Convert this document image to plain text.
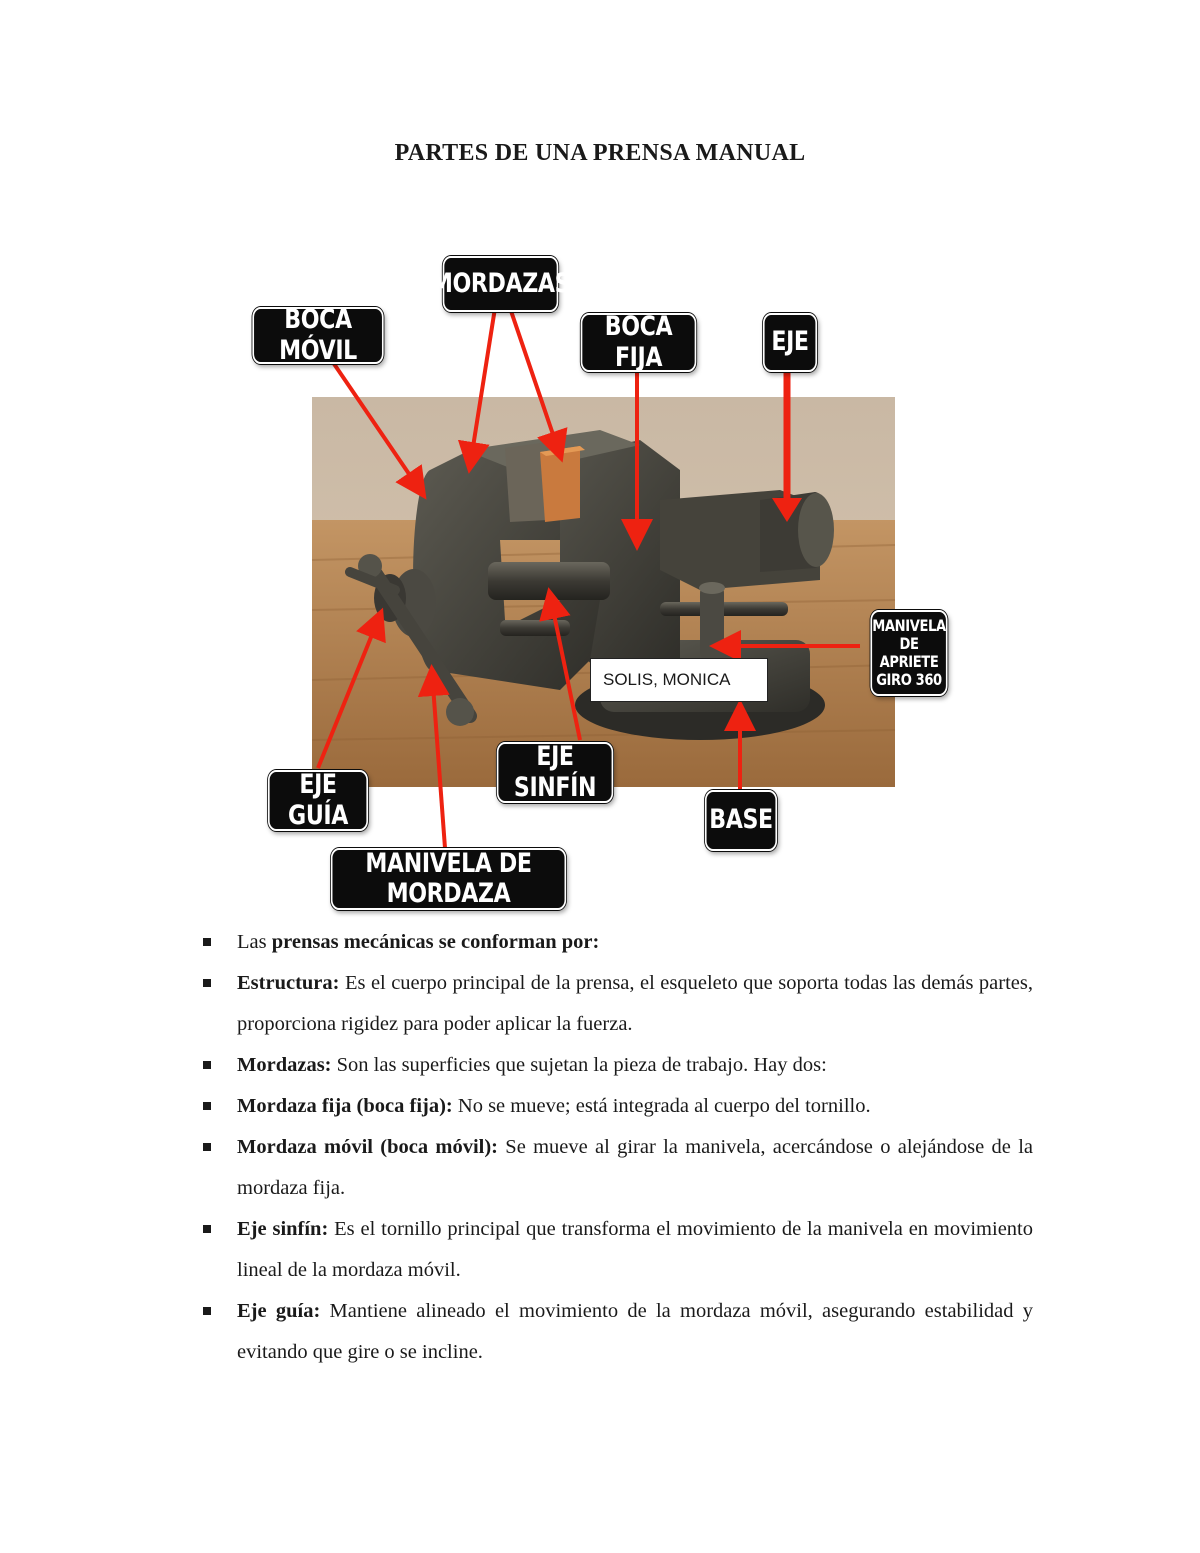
PARTES DE UNA PRENSA MANUAL
MORDAZAS
BOCA MÓVIL
BOCA FIJA	EJE
MANIVELA
DE APRIETE
GIRO 360
EJE GUÍA
EJE SINFÍN
BASE
MANIVELA DE MORDAZA
SOLIS, MONICA
Las prensas mecánicas se conforman por:
Estructura: Es el cuerpo principal de la prensa, el esqueleto que soporta todas las demás partes, proporciona rigidez para poder aplicar la fuerza.
Mordazas: Son las superficies que sujetan la pieza de trabajo. Hay dos:
Mordaza fija (boca fija): No se mueve; está integrada al cuerpo del tornillo.
Mordaza móvil (boca móvil): Se mueve al girar la manivela, acercándose o alejándose de la mordaza fija.
Eje sinfín: Es el tornillo principal que transforma el movimiento de la manivela en movimiento lineal de la mordaza móvil.
Eje guía: Mantiene alineado el movimiento de la mordaza móvil, asegurando estabilidad y evitando que gire o se incline.
